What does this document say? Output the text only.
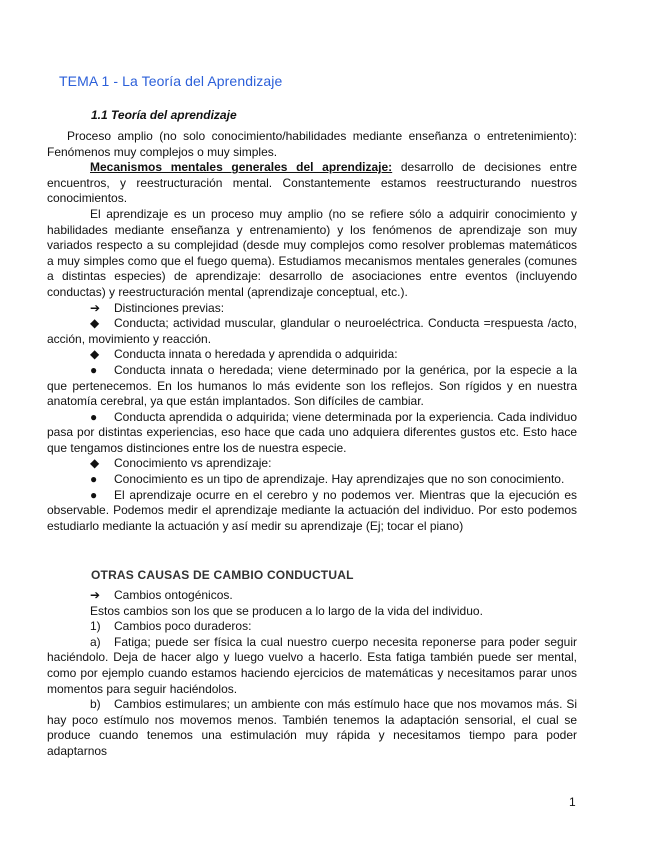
TEMA 1 - La Teoría del Aprendizaje
1.1 Teoría del aprendizaje

Proceso amplio (no solo conocimiento/habilidades mediante enseñanza o entretenimiento): Fenómenos muy complejos o muy simples.

Mecanismos mentales generales del aprendizaje: desarrollo de decisiones entre encuentros, y reestructuración mental. Constantemente estamos reestructurando nuestros conocimientos.

El aprendizaje es un proceso muy amplio (no se refiere sólo a adquirir conocimiento y habilidades mediante enseñanza y entrenamiento) y los fenómenos de aprendizaje son muy variados respecto a su complejidad (desde muy complejos como resolver problemas matemáticos a muy simples como que el fuego quema). Estudiamos mecanismos mentales generales (comunes a distintas especies) de aprendizaje: desarrollo de asociaciones entre eventos (incluyendo conductas) y reestructuración mental (aprendizaje conceptual, etc.).

➔ Distinciones previas:

◆ Conducta; actividad muscular, glandular o neuroeléctrica. Conducta =respuesta /acto, acción, movimiento y reacción.

◆ Conducta innata o heredada y aprendida o adquirida:

● Conducta innata o heredada; viene determinado por la genérica, por la especie a la que pertenecemos. En los humanos lo más evidente son los reflejos. Son rígidos y en nuestra anatomía cerebral, ya que están implantados. Son difíciles de cambiar.

● Conducta aprendida o adquirida; viene determinada por la experiencia. Cada individuo pasa por distintas experiencias, eso hace que cada uno adquiera diferentes gustos etc. Esto hace que tengamos distinciones entre los de nuestra especie.

◆ Conocimiento vs aprendizaje:

● Conocimiento es un tipo de aprendizaje. Hay aprendizajes que no son conocimiento.

● El aprendizaje ocurre en el cerebro y no podemos ver. Mientras que la ejecución es observable. Podemos medir el aprendizaje mediante la actuación del individuo. Por esto podemos estudiarlo mediante la actuación y así medir su aprendizaje (Ej; tocar el piano)

OTRAS CAUSAS DE CAMBIO CONDUCTUAL

➔ Cambios ontogénicos.

Estos cambios son los que se producen a lo largo de la vida del individuo.

1) Cambios poco duraderos:

a) Fatiga; puede ser física la cual nuestro cuerpo necesita reponerse para poder seguir haciéndolo. Deja de hacer algo y luego vuelvo a hacerlo. Esta fatiga también puede ser mental, como por ejemplo cuando estamos haciendo ejercicios de matemáticas y necesitamos parar unos momentos para seguir haciéndolos.

b) Cambios estimulares; un ambiente con más estímulo hace que nos movamos más. Si hay poco estímulo nos movemos menos. También tenemos la adaptación sensorial, el cual se produce cuando tenemos una estimulación muy rápida y necesitamos tiempo para poder adaptarnos

1
